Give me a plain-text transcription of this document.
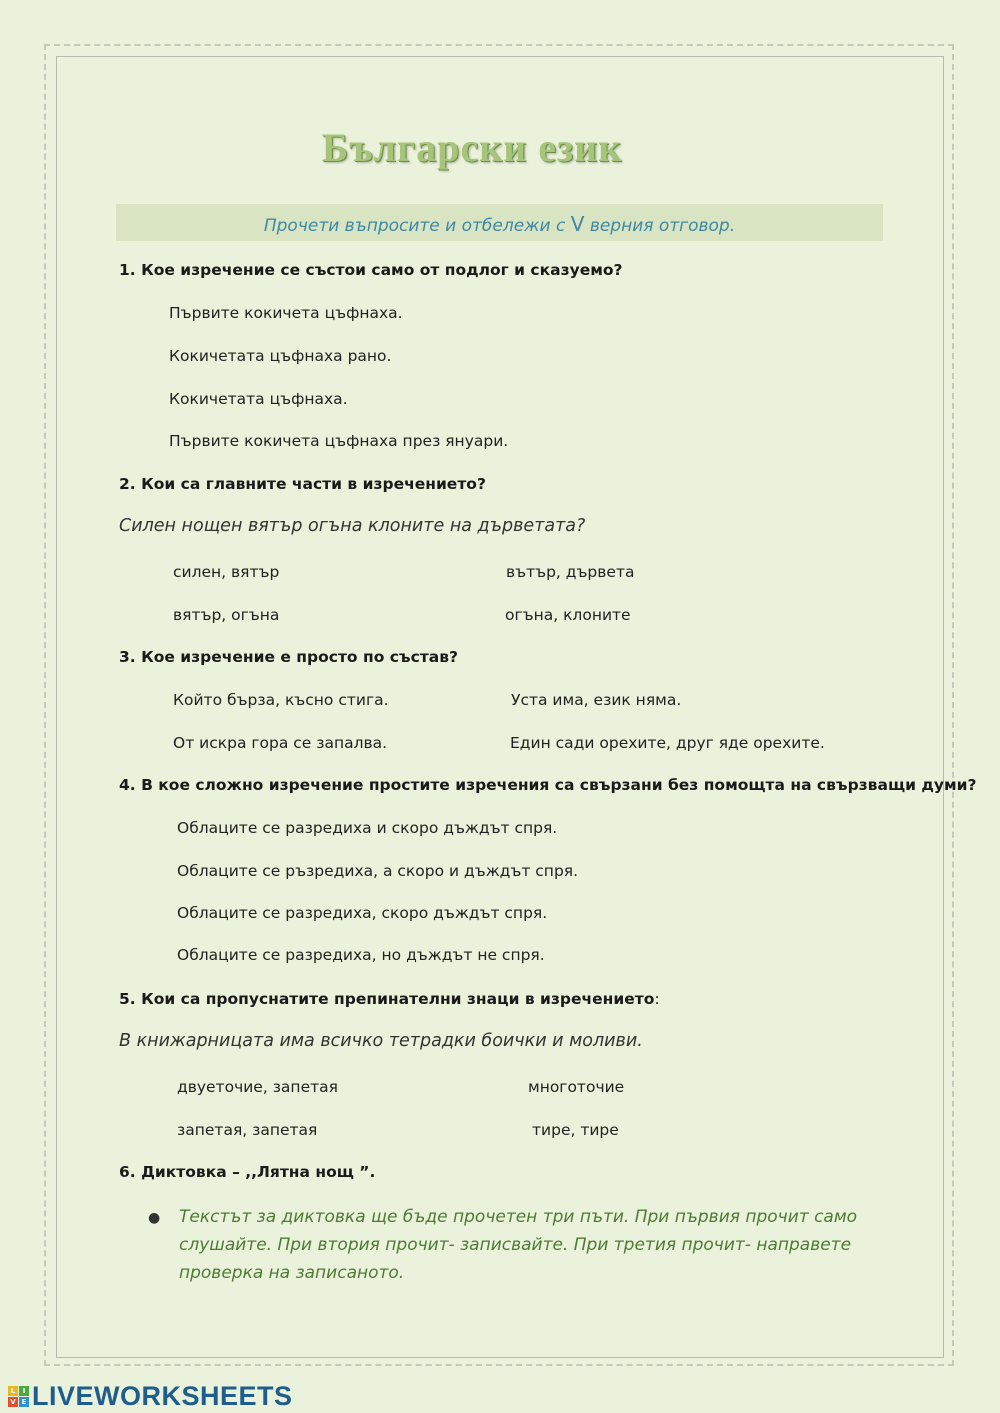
Български език
Прочети въпросите и отбележи с V верния отговор.
1. Кое изречение се състои само от подлог и сказуемо?
Първите кокичета цъфнаха.
Кокичетата цъфнаха рано.
Кокичетата цъфнаха.
Първите кокичета цъфнаха през януари.
2. Кои са главните части в изречението?
Силен нощен вятър огъна клоните на дърветата?
силен, вятър	вътър, дървета
вятър, огъна	огъна, клоните
3. Кое изречение е просто по състав?
Който бърза, късно стига.	Уста има, език няма.
От искра гора се запалва.	Един сади орехите, друг яде орехите.
4. В кое сложно изречение простите изречения са свързани без помощта на свързващи думи?
Облаците се разредиха и скоро дъждът спря.
Облаците се ръзредиха, а скоро и дъждът спря.
Облаците се разредиха, скоро дъждът спря.
Облаците се разредиха, но дъждът не спря.
5. Кои са пропуснатите препинателни знаци в изречението:
В книжарницата има всичко тетрадки боички и моливи.
двуеточие, запетая	многоточие
запетая, запетая	тире, тире
6. Диктовка – ,,Лятна нощ ”.
● Текстът за диктовка ще бъде прочетен три пъти. При първия прочит само слушайте. При втория прочит- записвайте. При третия прочит- направете проверка на записаното.
L	I
V E LIVEWORKSHEETS
